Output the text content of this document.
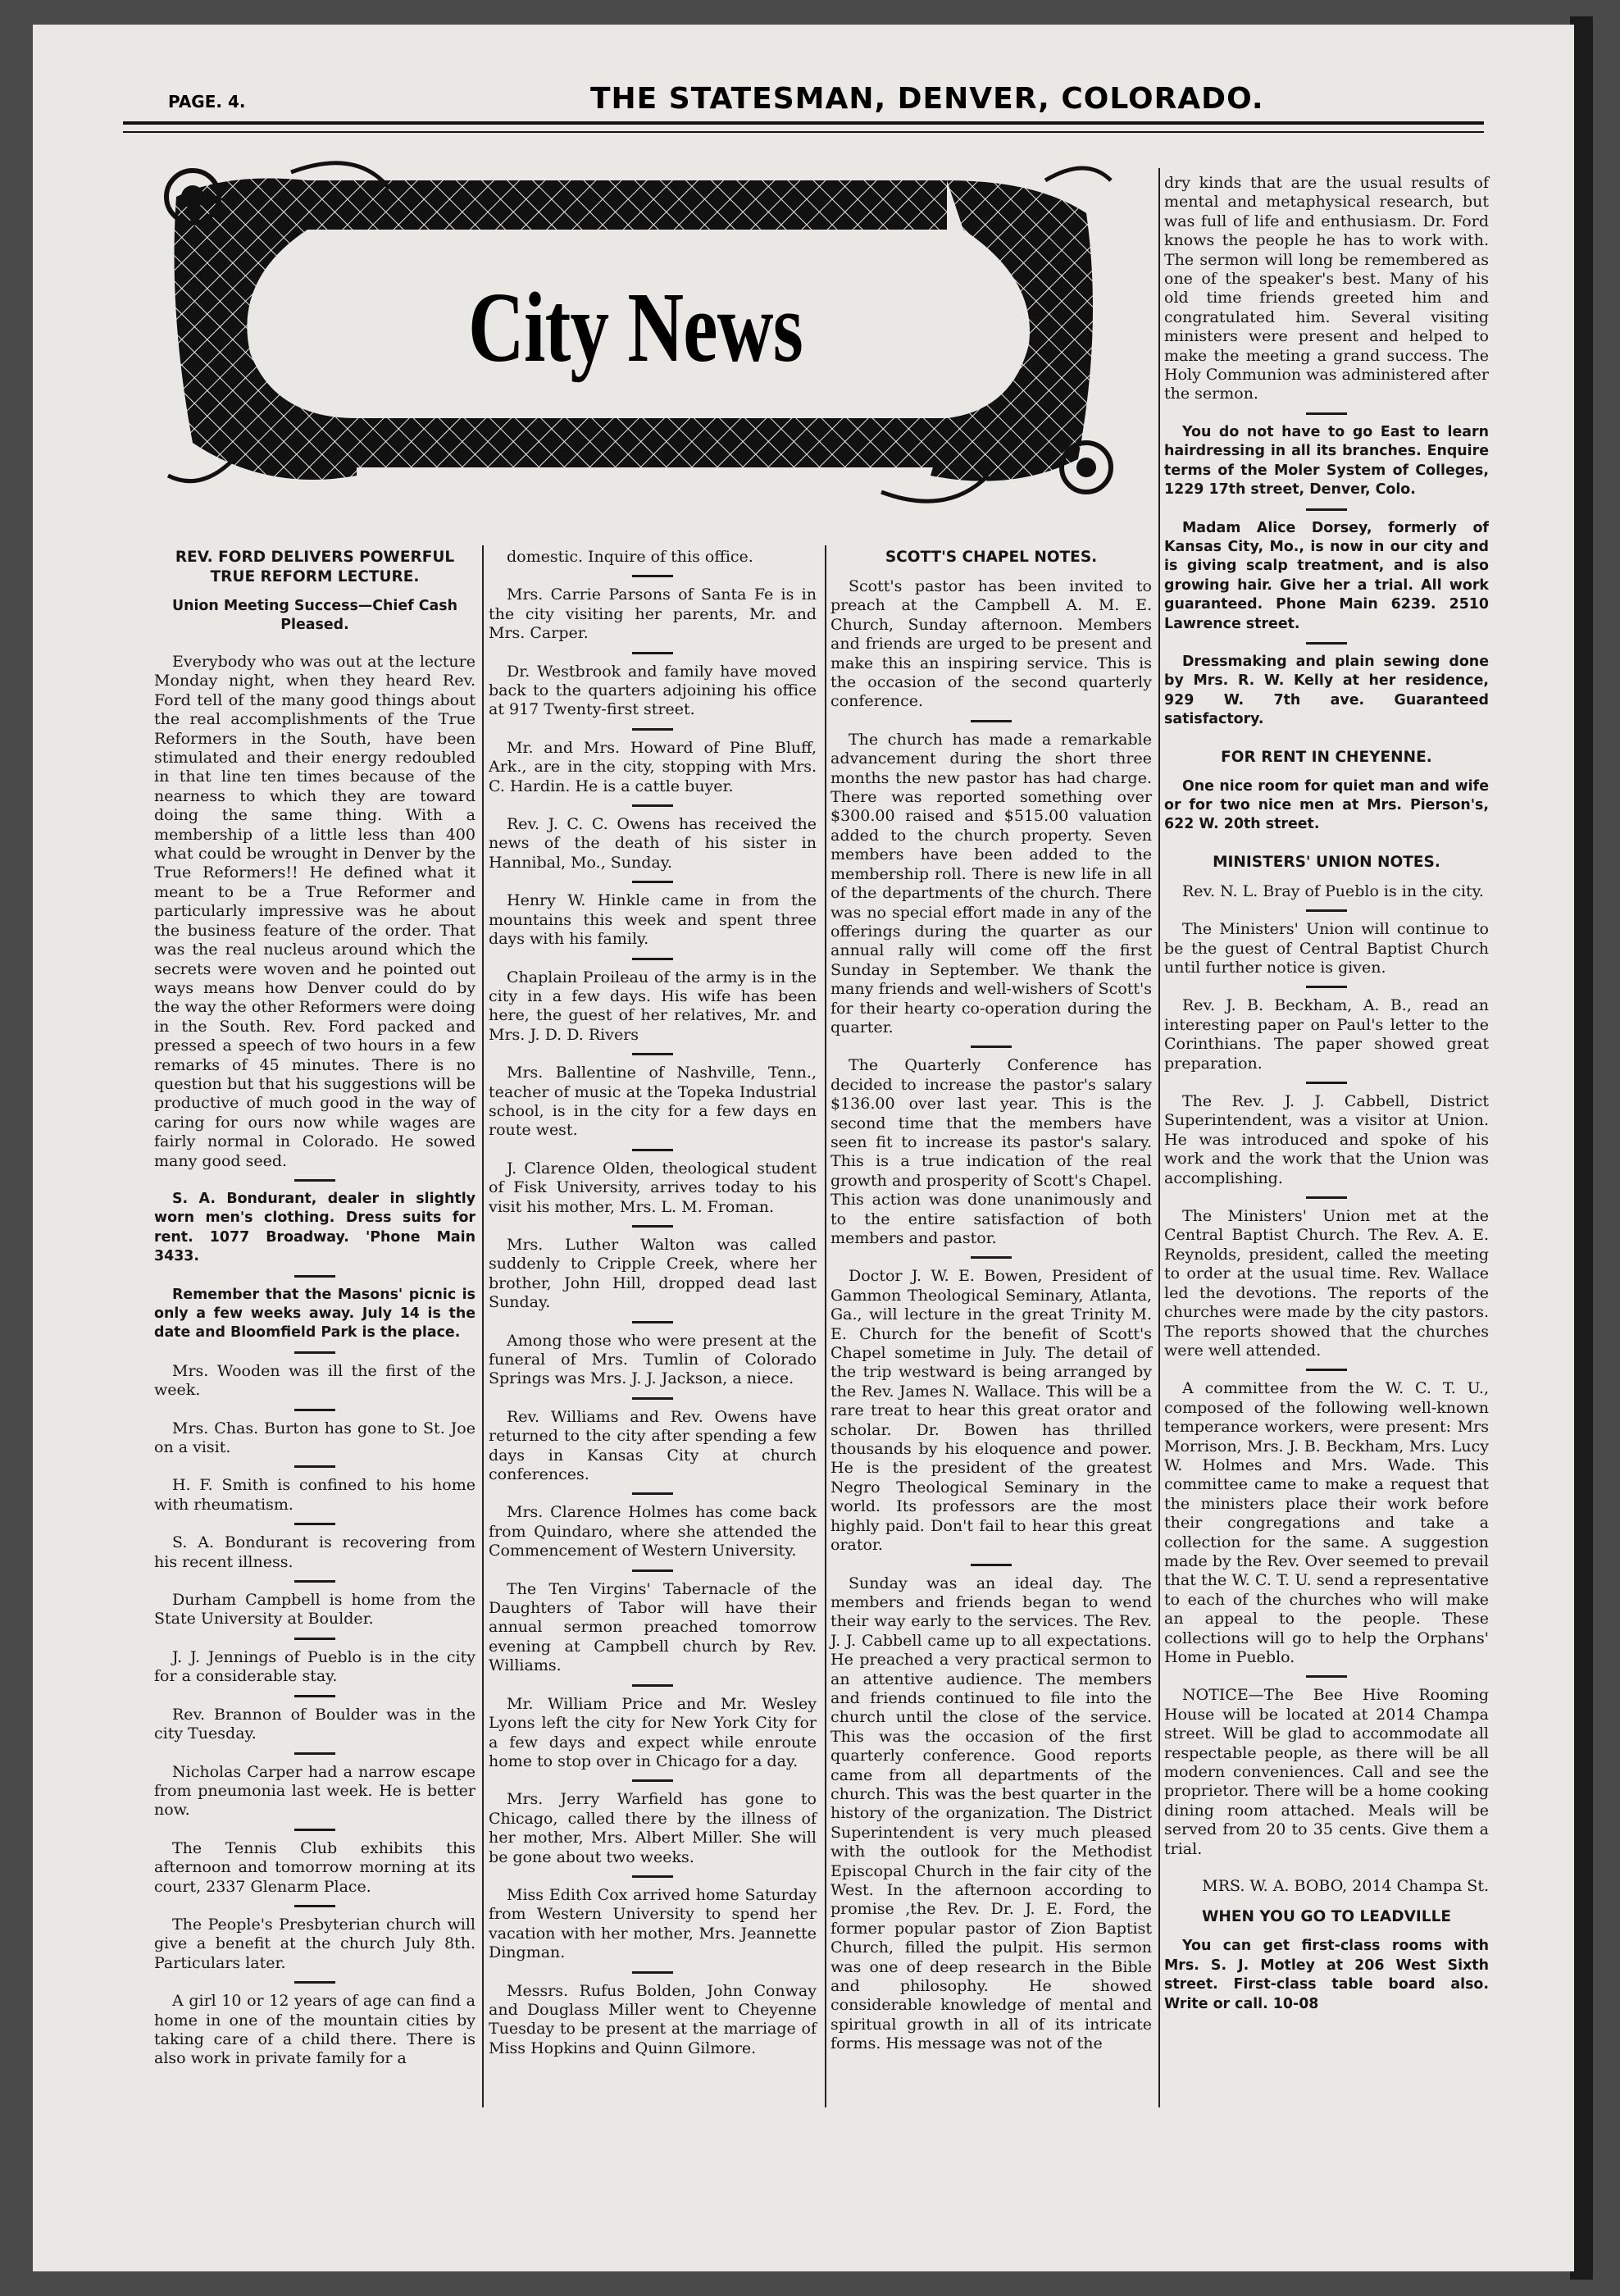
PAGE. 4.	THE STATESMAN, DENVER, COLORADO.
City News
REV. FORD DELIVERS POWERFUL TRUE REFORM LECTURE.
Union Meeting Success—Chief Cash Pleased.

Everybody who was out at the lecture Monday night, when they heard Rev. Ford tell of the many good things about the real accomplishments of the True Reformers in the South, have been stimulated and their energy redoubled in that line ten times because of the nearness to which they are toward doing the same thing. With a membership of a little less than 400 what could be wrought in Denver by the True Reformers!! He defined what it meant to be a True Reformer and particularly impressive was he about the business feature of the order. That was the real nucleus around which the secrets were woven and he pointed out ways means how Denver could do by the way the other Reformers were doing in the South. Rev. Ford packed and pressed a speech of two hours in a few remarks of 45 minutes. There is no question but that his suggestions will be productive of much good in the way of caring for ours now while wages are fairly normal in Colorado. He sowed many good seed.

S. A. Bondurant, dealer in slightly worn men's clothing. Dress suits for rent. 1077 Broadway. 'Phone Main 3433.

Remember that the Masons' picnic is only a few weeks away. July 14 is the date and Bloomfield Park is the place.

Mrs. Wooden was ill the first of the week.

Mrs. Chas. Burton has gone to St. Joe on a visit.

H. F. Smith is confined to his home with rheumatism.

S. A. Bondurant is recovering from his recent illness.

Durham Campbell is home from the State University at Boulder.

J. J. Jennings of Pueblo is in the city for a considerable stay.

Rev. Brannon of Boulder was in the city Tuesday.

Nicholas Carper had a narrow escape from pneumonia last week. He is better now.

The Tennis Club exhibits this afternoon and tomorrow morning at its court, 2337 Glenarm Place.

The People's Presbyterian church will give a benefit at the church July 8th. Particulars later.

A girl 10 or 12 years of age can find a home in one of the mountain cities by taking care of a child there. There is also work in private family for a

domestic. Inquire of this office.

Mrs. Carrie Parsons of Santa Fe is in the city visiting her parents, Mr. and Mrs. Carper.

Dr. Westbrook and family have moved back to the quarters adjoining his office at 917 Twenty-first street.

Mr. and Mrs. Howard of Pine Bluff, Ark., are in the city, stopping with Mrs. C. Hardin. He is a cattle buyer.

Rev. J. C. C. Owens has received the news of the death of his sister in Hannibal, Mo., Sunday.

Henry W. Hinkle came in from the mountains this week and spent three days with his family.

Chaplain Proileau of the army is in the city in a few days. His wife has been here, the guest of her relatives, Mr. and Mrs. J. D. D. Rivers

Mrs. Ballentine of Nashville, Tenn., teacher of music at the Topeka Industrial school, is in the city for a few days en route west.

J. Clarence Olden, theological student of Fisk University, arrives today to his visit his mother, Mrs. L. M. Froman.

Mrs. Luther Walton was called suddenly to Cripple Creek, where her brother, John Hill, dropped dead last Sunday.

Among those who were present at the funeral of Mrs. Tumlin of Colorado Springs was Mrs. J. J. Jackson, a niece.

Rev. Williams and Rev. Owens have returned to the city after spending a few days in Kansas City at church conferences.

Mrs. Clarence Holmes has come back from Quindaro, where she attended the Commencement of Western University.

The Ten Virgins' Tabernacle of the Daughters of Tabor will have their annual sermon preached tomorrow evening at Campbell church by Rev. Williams.

Mr. William Price and Mr. Wesley Lyons left the city for New York City for a few days and expect while enroute home to stop over in Chicago for a day.

Mrs. Jerry Warfield has gone to Chicago, called there by the illness of her mother, Mrs. Albert Miller. She will be gone about two weeks.

Miss Edith Cox arrived home Saturday from Western University to spend her vacation with her mother, Mrs. Jeannette Dingman.

Messrs. Rufus Bolden, John Conway and Douglass Miller went to Cheyenne Tuesday to be present at the marriage of Miss Hopkins and Quinn Gilmore.

SCOTT'S CHAPEL NOTES.

Scott's pastor has been invited to preach at the Campbell A. M. E. Church, Sunday afternoon. Members and friends are urged to be present and make this an inspiring service. This is the occasion of the second quarterly conference.

The church has made a remarkable advancement during the short three months the new pastor has had charge. There was reported something over $300.00 raised and $515.00 valuation added to the church property. Seven members have been added to the membership roll. There is new life in all of the departments of the church. There was no special effort made in any of the offerings during the quarter as our annual rally will come off the first Sunday in September. We thank the many friends and well-wishers of Scott's for their hearty co-operation during the quarter.

The Quarterly Conference has decided to increase the pastor's salary $136.00 over last year. This is the second time that the members have seen fit to increase its pastor's salary. This is a true indication of the real growth and prosperity of Scott's Chapel. This action was done unanimously and to the entire satisfaction of both members and pastor.

Doctor J. W. E. Bowen, President of Gammon Theological Seminary, Atlanta, Ga., will lecture in the great Trinity M. E. Church for the benefit of Scott's Chapel sometime in July. The detail of the trip westward is being arranged by the Rev. James N. Wallace. This will be a rare treat to hear this great orator and scholar. Dr. Bowen has thrilled thousands by his eloquence and power. He is the president of the greatest Negro Theological Seminary in the world. Its professors are the most highly paid. Don't fail to hear this great orator.

Sunday was an ideal day. The members and friends began to wend their way early to the services. The Rev. J. J. Cabbell came up to all expectations. He preached a very practical sermon to an attentive audience. The members and friends continued to file into the church until the close of the service. This was the occasion of the first quarterly conference. Good reports came from all departments of the church. This was the best quarter in the history of the organization. The District Superintendent is very much pleased with the outlook for the Methodist Episcopal Church in the fair city of the West. In the afternoon according to promise ,the Rev. Dr. J. E. Ford, the former popular pastor of Zion Baptist Church, filled the pulpit. His sermon was one of deep research in the Bible and philosophy. He showed considerable knowledge of mental and spiritual growth in all of its intricate forms. His message was not of the

dry kinds that are the usual results of mental and metaphysical research, but was full of life and enthusiasm. Dr. Ford knows the people he has to work with. The sermon will long be remembered as one of the speaker's best. Many of his old time friends greeted him and congratulated him. Several visiting ministers were present and helped to make the meeting a grand success. The Holy Communion was administered after the sermon.

You do not have to go East to learn hairdressing in all its branches. Enquire terms of the Moler System of Colleges, 1229 17th street, Denver, Colo.

Madam Alice Dorsey, formerly of Kansas City, Mo., is now in our city and is giving scalp treatment, and is also growing hair. Give her a trial. All work guaranteed. Phone Main 6239. 2510 Lawrence street.

Dressmaking and plain sewing done by Mrs. R. W. Kelly at her residence, 929 W. 7th ave. Guaranteed satisfactory.

FOR RENT IN CHEYENNE.

One nice room for quiet man and wife or for two nice men at Mrs. Pierson's, 622 W. 20th street.

MINISTERS' UNION NOTES.

Rev. N. L. Bray of Pueblo is in the city.

The Ministers' Union will continue to be the guest of Central Baptist Church until further notice is given.

Rev. J. B. Beckham, A. B., read an interesting paper on Paul's letter to the Corinthians. The paper showed great preparation.

The Rev. J. J. Cabbell, District Superintendent, was a visitor at Union. He was introduced and spoke of his work and the work that the Union was accomplishing.

The Ministers' Union met at the Central Baptist Church. The Rev. A. E. Reynolds, president, called the meeting to order at the usual time. Rev. Wallace led the devotions. The reports of the churches were made by the city pastors. The reports showed that the churches were well attended.

A committee from the W. C. T. U., composed of the following well-known temperance workers, were present: Mrs Morrison, Mrs. J. B. Beckham, Mrs. Lucy W. Holmes and Mrs. Wade. This committee came to make a request that the ministers place their work before their congregations and take a collection for the same. A suggestion made by the Rev. Over seemed to prevail that the W. C. T. U. send a representative to each of the churches who will make an appeal to the people. These collections will go to help the Orphans' Home in Pueblo.

NOTICE—The Bee Hive Rooming House will be located at 2014 Champa street. Will be glad to accommodate all respectable people, as there will be all modern conveniences. Call and see the proprietor. There will be a home cooking dining room attached. Meals will be served from 20 to 35 cents. Give them a trial.

MRS. W. A. BOBO, 2014 Champa St.
WHEN YOU GO TO LEADVILLE

You can get first-class rooms with Mrs. S. J. Motley at 206 West Sixth street. First-class table board also. Write or call. 10-08
